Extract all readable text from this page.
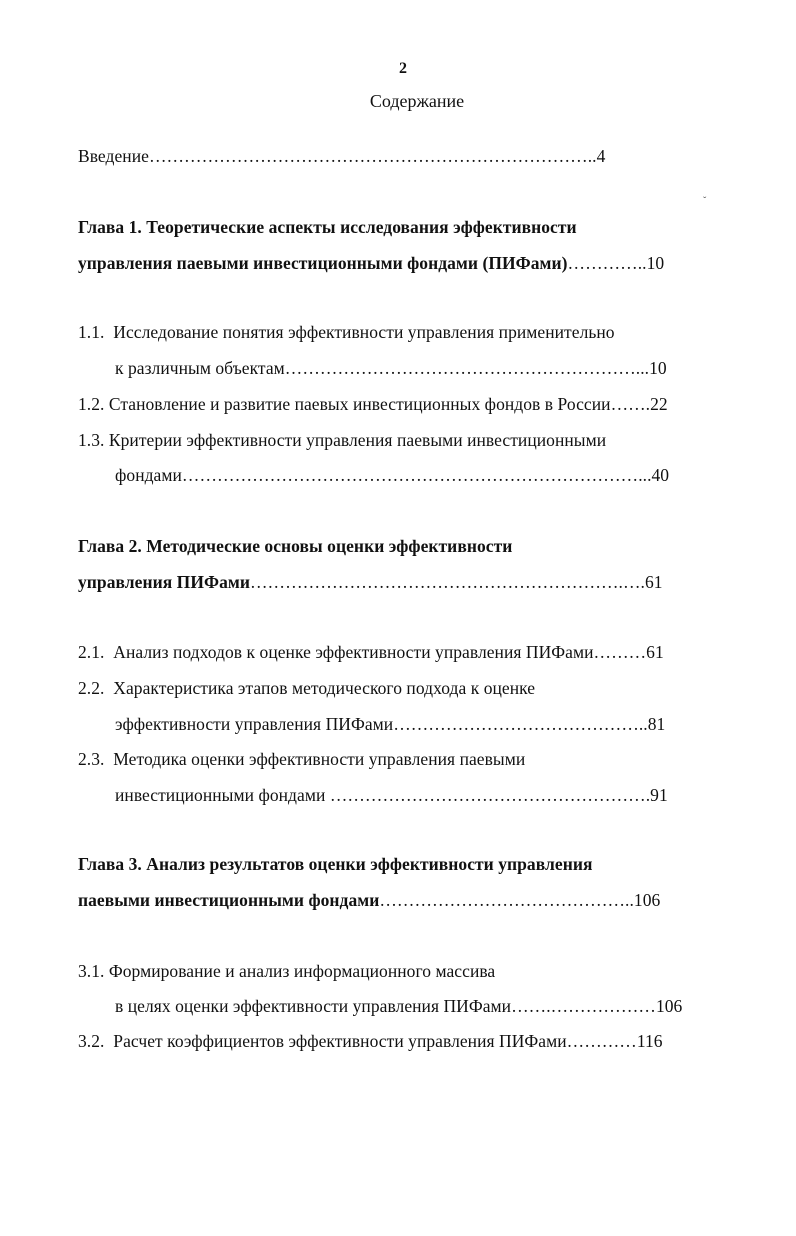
2
Содержание
ˇ
Введение…………………………………………………………………..4
Глава 1. Теоретические аспекты исследования эффективности
управления паевыми инвестиционными фондами (ПИФами)…………..10
1.1.  Исследование понятия эффективности управления применительно
к различным объектам……………………………………………………...10
1.2. Становление и развитие паевых инвестиционных фондов в России…….22
1.3. Критерии эффективности управления паевыми инвестиционными
фондами……………………………………………………………………...40
Глава 2. Методические основы оценки эффективности
управления ПИФами……………………………………………………….….61
2.1.  Анализ подходов к оценке эффективности управления ПИФами………61
2.2.  Характеристика этапов методического подхода к оценке
эффективности управления ПИФами……………………………………..81
2.3.  Методика оценки эффективности управления паевыми
инвестиционными фондами ……………………………………………….91
Глава 3. Анализ результатов оценки эффективности управления
паевыми инвестиционными фондами……………………………………..106
3.1. Формирование и анализ информационного массива
в целях оценки эффективности управления ПИФами…….………………106
3.2.  Расчет коэффициентов эффективности управления ПИФами…………116
